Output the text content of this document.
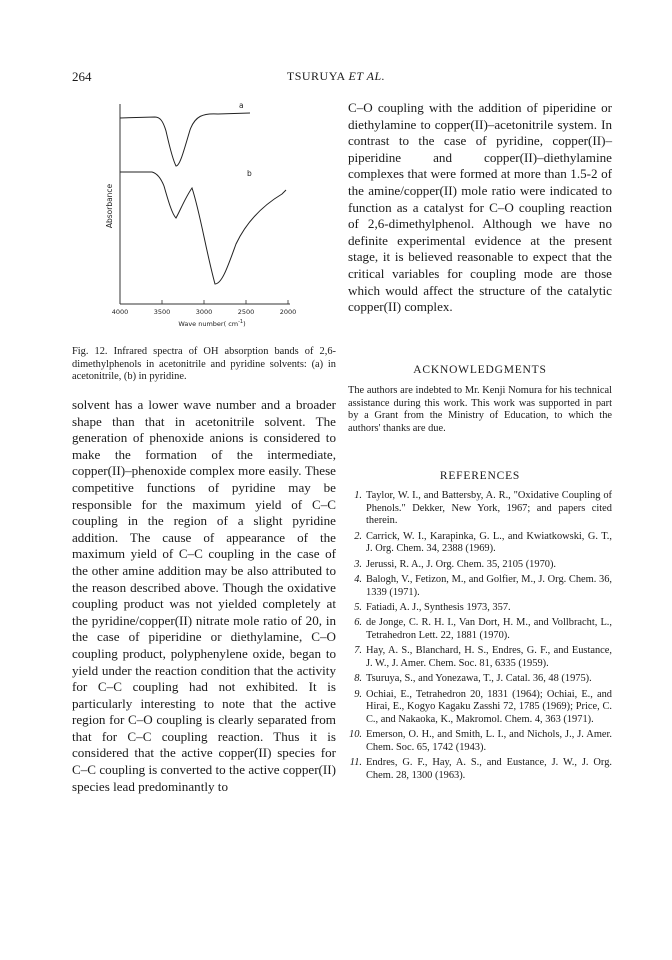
264	TSURUYA ET AL.
Absorbance
a
b
4000	3500	3000	2500	2000
Wave number( $cm^{-1}$)
Fig. 12. Infrared spectra of OH absorption bands of 2,6-dimethylphenols in acetonitrile and pyridine solvents: (a) in acetonitrile, (b) in pyridine.
solvent has a lower wave number and a broader shape than that in acetonitrile solvent. The generation of phenoxide anions is considered to make the formation of the intermediate, copper(II)–phenoxide complex more easily. These competitive functions of pyridine may be responsible for the maximum yield of C–C coupling in the region of a slight pyridine addition. The cause of appearance of the maximum yield of C–C coupling in the case of the other amine addition may be also attributed to the reason described above. Though the oxidative coupling product was not yielded completely at the pyridine/copper(II) nitrate mole ratio of 20, in the case of piperidine or diethylamine, C–O coupling product, polyphenylene oxide, began to yield under the reaction condition that the activity for C–C coupling had not exhibited. It is particularly interesting to note that the active region for C–O coupling is clearly separated from that for C–C coupling reaction. Thus it is considered that the active copper(II) species for C–C coupling is converted to the active copper(II) species lead predominantly to
C–O coupling with the addition of piperidine or diethylamine to copper(II)–acetonitrile system. In contrast to the case of pyridine, copper(II)–piperidine and copper(II)–diethylamine complexes that were formed at more than 1.5-2 of the amine/copper(II) mole ratio were indicated to function as a catalyst for C–O coupling reaction of 2,6-dimethylphenol. Although we have no definite experimental evidence at the present stage, it is believed reasonable to expect that the critical variables for coupling mode are those which would affect the structure of the catalytic copper(II) complex.
ACKNOWLEDGMENTS
The authors are indebted to Mr. Kenji Nomura for his technical assistance during this work. This work was supported in part by a Grant from the Ministry of Education, to which the authors' thanks are due.
REFERENCES
1 . Taylor, W. I., and Battersby, A. R., "Oxidative Coupling of Phenols." Dekker, New York, 1967; and papers cited therein.
2 . Carrick, W. I., Karapinka, G. L., and Kwiatkowski, G. T., J. Org. Chem. 34, 2388 (1969).
3 . Jerussi, R. A., J. Org. Chem. 35, 2105 (1970).
4 . Balogh, V., Fetizon, M., and Golfier, M., J. Org. Chem. 36, 1339 (1971).
5 . Fatiadi, A. J., Synthesis 1973, 357.
6 . de Jonge, C. R. H. I., Van Dort, H. M., and Vollbracht, L., Tetrahedron Lett. 22, 1881 (1970).
7 . Hay, A. S., Blanchard, H. S., Endres, G. F., and Eustance, J. W., J. Amer. Chem. Soc. 81, 6335 (1959).
8 . Tsuruya, S., and Yonezawa, T., J. Catal. 36, 48 (1975).
9 . Ochiai, E., Tetrahedron 20, 1831 (1964); Ochiai, E., and Hirai, E., Kogyo Kagaku Zasshi 72, 1785 (1969); Price, C. C., and Nakaoka, K., Makromol. Chem. 4, 363 (1971).
10 . Emerson, O. H., and Smith, L. I., and Nichols, J., J. Amer. Chem. Soc. 65, 1742 (1943).
11 . Endres, G. F., Hay, A. S., and Eustance, J. W., J. Org. Chem. 28, 1300 (1963).
